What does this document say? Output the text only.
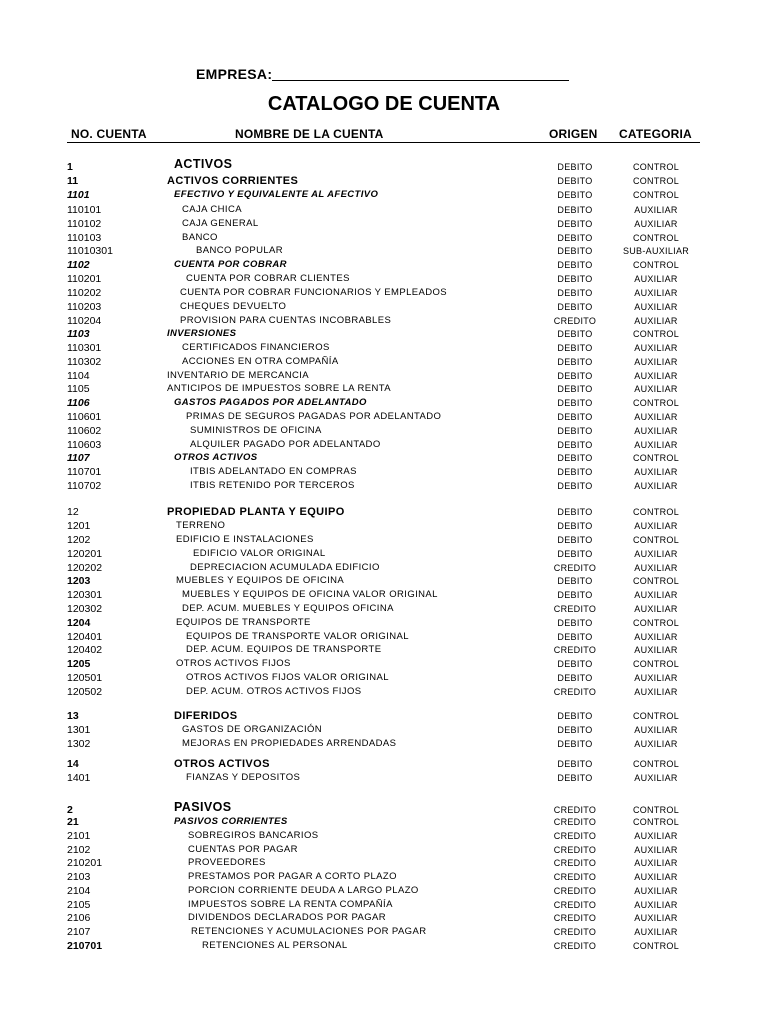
EMPRESA:
CATALOGO DE CUENTA
NO. CUENTA	NOMBRE DE LA CUENTA	ORIGEN CATEGORIA
1	ACTIVOS	DEBITO	CONTROL
11	ACTIVOS CORRIENTES	DEBITO	CONTROL
1101	EFECTIVO Y EQUIVALENTE AL AFECTIVO	DEBITO	CONTROL
110101	CAJA CHICA	DEBITO	AUXILIAR
110102	CAJA GENERAL	DEBITO	AUXILIAR
110103	BANCO	DEBITO	CONTROL
11010301	BANCO POPULAR	DEBITO	SUB-AUXILIAR
1102	CUENTA POR COBRAR	DEBITO	CONTROL
110201	CUENTA POR COBRAR CLIENTES	DEBITO	AUXILIAR
110202	CUENTA POR COBRAR FUNCIONARIOS Y EMPLEADOS	DEBITO	AUXILIAR
110203	CHEQUES DEVUELTO	DEBITO	AUXILIAR
110204	PROVISION PARA CUENTAS INCOBRABLES	CREDITO	AUXILIAR
1103	INVERSIONES	DEBITO	CONTROL
110301	CERTIFICADOS FINANCIEROS	DEBITO	AUXILIAR
110302	ACCIONES EN OTRA COMPAÑÍA	DEBITO	AUXILIAR
1104	INVENTARIO DE MERCANCIA	DEBITO	AUXILIAR
1105	ANTICIPOS DE IMPUESTOS SOBRE LA RENTA	DEBITO	AUXILIAR
1106	GASTOS PAGADOS POR ADELANTADO	DEBITO	CONTROL
110601	PRIMAS DE SEGUROS PAGADAS POR ADELANTADO	DEBITO	AUXILIAR
110602	SUMINISTROS DE OFICINA	DEBITO	AUXILIAR
110603	ALQUILER PAGADO POR ADELANTADO	DEBITO	AUXILIAR
1107	OTROS ACTIVOS	DEBITO	CONTROL
110701	ITBIS ADELANTADO EN COMPRAS	DEBITO	AUXILIAR
110702	ITBIS RETENIDO POR TERCEROS	DEBITO	AUXILIAR
12	PROPIEDAD PLANTA Y EQUIPO	DEBITO	CONTROL
1201	TERRENO	DEBITO	AUXILIAR
1202	EDIFICIO E INSTALACIONES	DEBITO	CONTROL
120201	EDIFICIO VALOR ORIGINAL	DEBITO	AUXILIAR
120202	DEPRECIACION ACUMULADA EDIFICIO	CREDITO	AUXILIAR
1203	MUEBLES Y EQUIPOS DE OFICINA	DEBITO	CONTROL
120301	MUEBLES Y EQUIPOS DE OFICINA VALOR ORIGINAL	DEBITO	AUXILIAR
120302	DEP. ACUM. MUEBLES Y EQUIPOS OFICINA	CREDITO	AUXILIAR
1204	EQUIPOS DE TRANSPORTE	DEBITO	CONTROL
120401	EQUIPOS DE TRANSPORTE VALOR ORIGINAL	DEBITO	AUXILIAR
120402	DEP. ACUM. EQUIPOS DE TRANSPORTE	CREDITO	AUXILIAR
1205	OTROS ACTIVOS FIJOS	DEBITO	CONTROL
120501	OTROS ACTIVOS FIJOS VALOR ORIGINAL	DEBITO	AUXILIAR
120502	DEP. ACUM. OTROS ACTIVOS FIJOS	CREDITO	AUXILIAR
13	DIFERIDOS	DEBITO	CONTROL
1301	GASTOS DE ORGANIZACIÓN	DEBITO	AUXILIAR
1302	MEJORAS EN PROPIEDADES ARRENDADAS	DEBITO	AUXILIAR
14	OTROS ACTIVOS	DEBITO	CONTROL
1401	FIANZAS Y DEPOSITOS	DEBITO	AUXILIAR
2	PASIVOS	CREDITO	CONTROL
21	PASIVOS CORRIENTES	CREDITO	CONTROL
2101	SOBREGIROS BANCARIOS	CREDITO	AUXILIAR
2102	CUENTAS POR PAGAR	CREDITO	AUXILIAR
210201	PROVEEDORES	CREDITO	AUXILIAR
2103	PRESTAMOS POR PAGAR A CORTO PLAZO	CREDITO	AUXILIAR
2104	PORCION CORRIENTE DEUDA A LARGO PLAZO	CREDITO	AUXILIAR
2105	IMPUESTOS SOBRE LA RENTA COMPAÑÍA	CREDITO	AUXILIAR
2106	DIVIDENDOS DECLARADOS POR PAGAR	CREDITO	AUXILIAR
2107	RETENCIONES Y ACUMULACIONES POR PAGAR	CREDITO	AUXILIAR
210701	RETENCIONES AL PERSONAL	CREDITO	CONTROL
